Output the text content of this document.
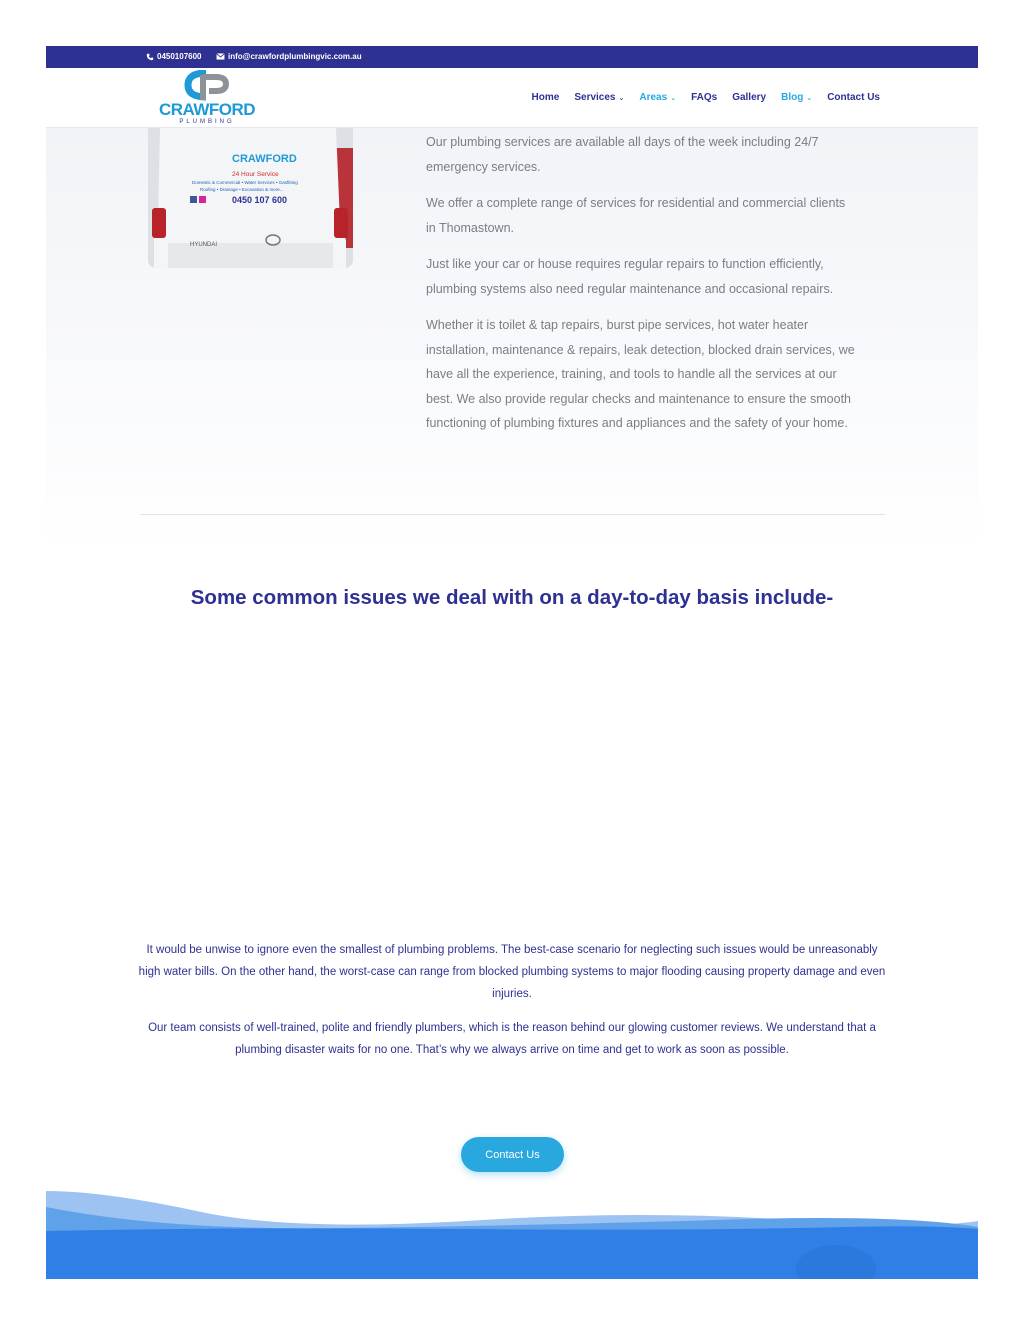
0450107600	info@crawfordplumbingvic.com.au
CRAWFORD
PLUMBING
Home Services ⌄ Areas ⌄ FAQs Gallery Blog ⌄ Contact Us
HYUNDAI
CRAWFORD
24 Hour Service
Domestic & Commercial • Water Services • Gasfitting
Roofing • Drainage • Excavation & more...
0450 107 600

Our plumbing services are available all days of the week including 24/7 emergency services.

We offer a complete range of services for residential and commercial clients in Thomastown.

Just like your car or house requires regular repairs to function efficiently, plumbing systems also need regular maintenance and occasional repairs.

Whether it is toilet & tap repairs, burst pipe services, hot water heater installation, maintenance & repairs, leak detection, blocked drain services, we have all the experience, training, and tools to handle all the services at our best. We also provide regular checks and maintenance to ensure the smooth functioning of plumbing fixtures and appliances and the safety of your home.

Some common issues we deal with on a day-to-day basis include-

It would be unwise to ignore even the smallest of plumbing problems. The best-case scenario for neglecting such issues would be unreasonably high water bills. On the other hand, the worst-case can range from blocked plumbing systems to major flooding causing property damage and even injuries.

Our team consists of well-trained, polite and friendly plumbers, which is the reason behind our glowing customer reviews. We understand that a plumbing disaster waits for no one. That’s why we always arrive on time and get to work as soon as possible.

Contact Us
